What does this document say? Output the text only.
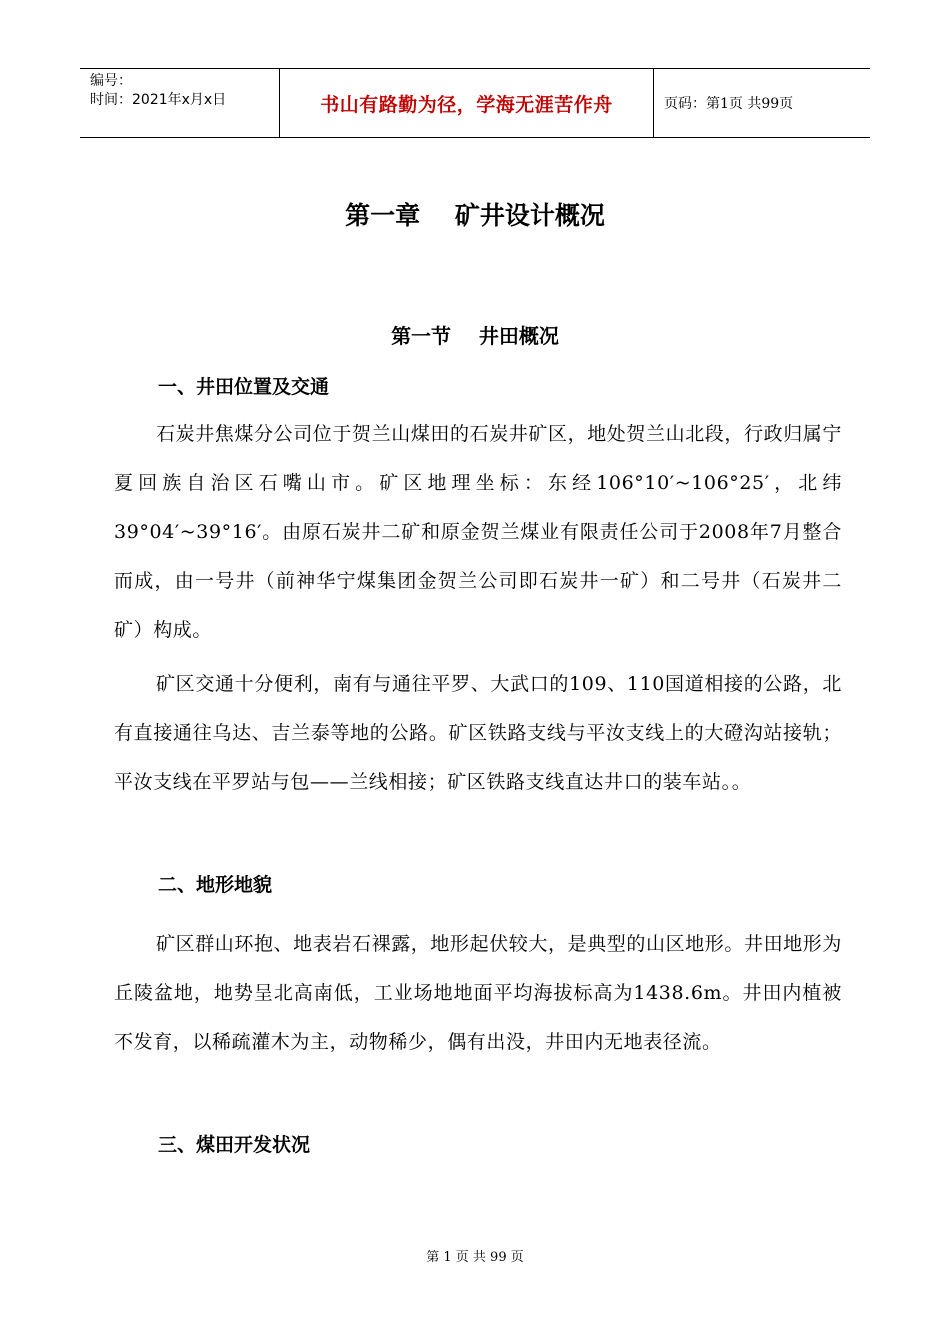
编号：
时间：2021年x月x日	书山有路勤为径，学海无涯苦作舟	页码：第1页 共99页
第一章    矿井设计概况
第一节    井田概况
一、井田位置及交通
石炭井焦煤分公司位于贺兰山煤田的石炭井矿区，地处贺兰山北段，行政归属宁夏回族自治区石嘴山市。矿区地理坐标：东经106°10′~106°25′，北纬39°04′~39°16′。由原石炭井二矿和原金贺兰煤业有限责任公司于2008年7月整合而成，由一号井（前神华宁煤集团金贺兰公司即石炭井一矿）和二号井（石炭井二矿）构成。
矿区交通十分便利，南有与通往平罗、大武口的109、110国道相接的公路，北有直接通往乌达、吉兰泰等地的公路。矿区铁路支线与平汝支线上的大磴沟站接轨；平汝支线在平罗站与包——兰线相接；矿区铁路支线直达井口的装车站。。
二、地形地貌
矿区群山环抱、地表岩石裸露，地形起伏较大，是典型的山区地形。井田地形为丘陵盆地，地势呈北高南低，工业场地地面平均海拔标高为1438.6m。井田内植被不发育，以稀疏灌木为主，动物稀少，偶有出没，井田内无地表径流。
三、煤田开发状况
第 1 页 共 99 页
